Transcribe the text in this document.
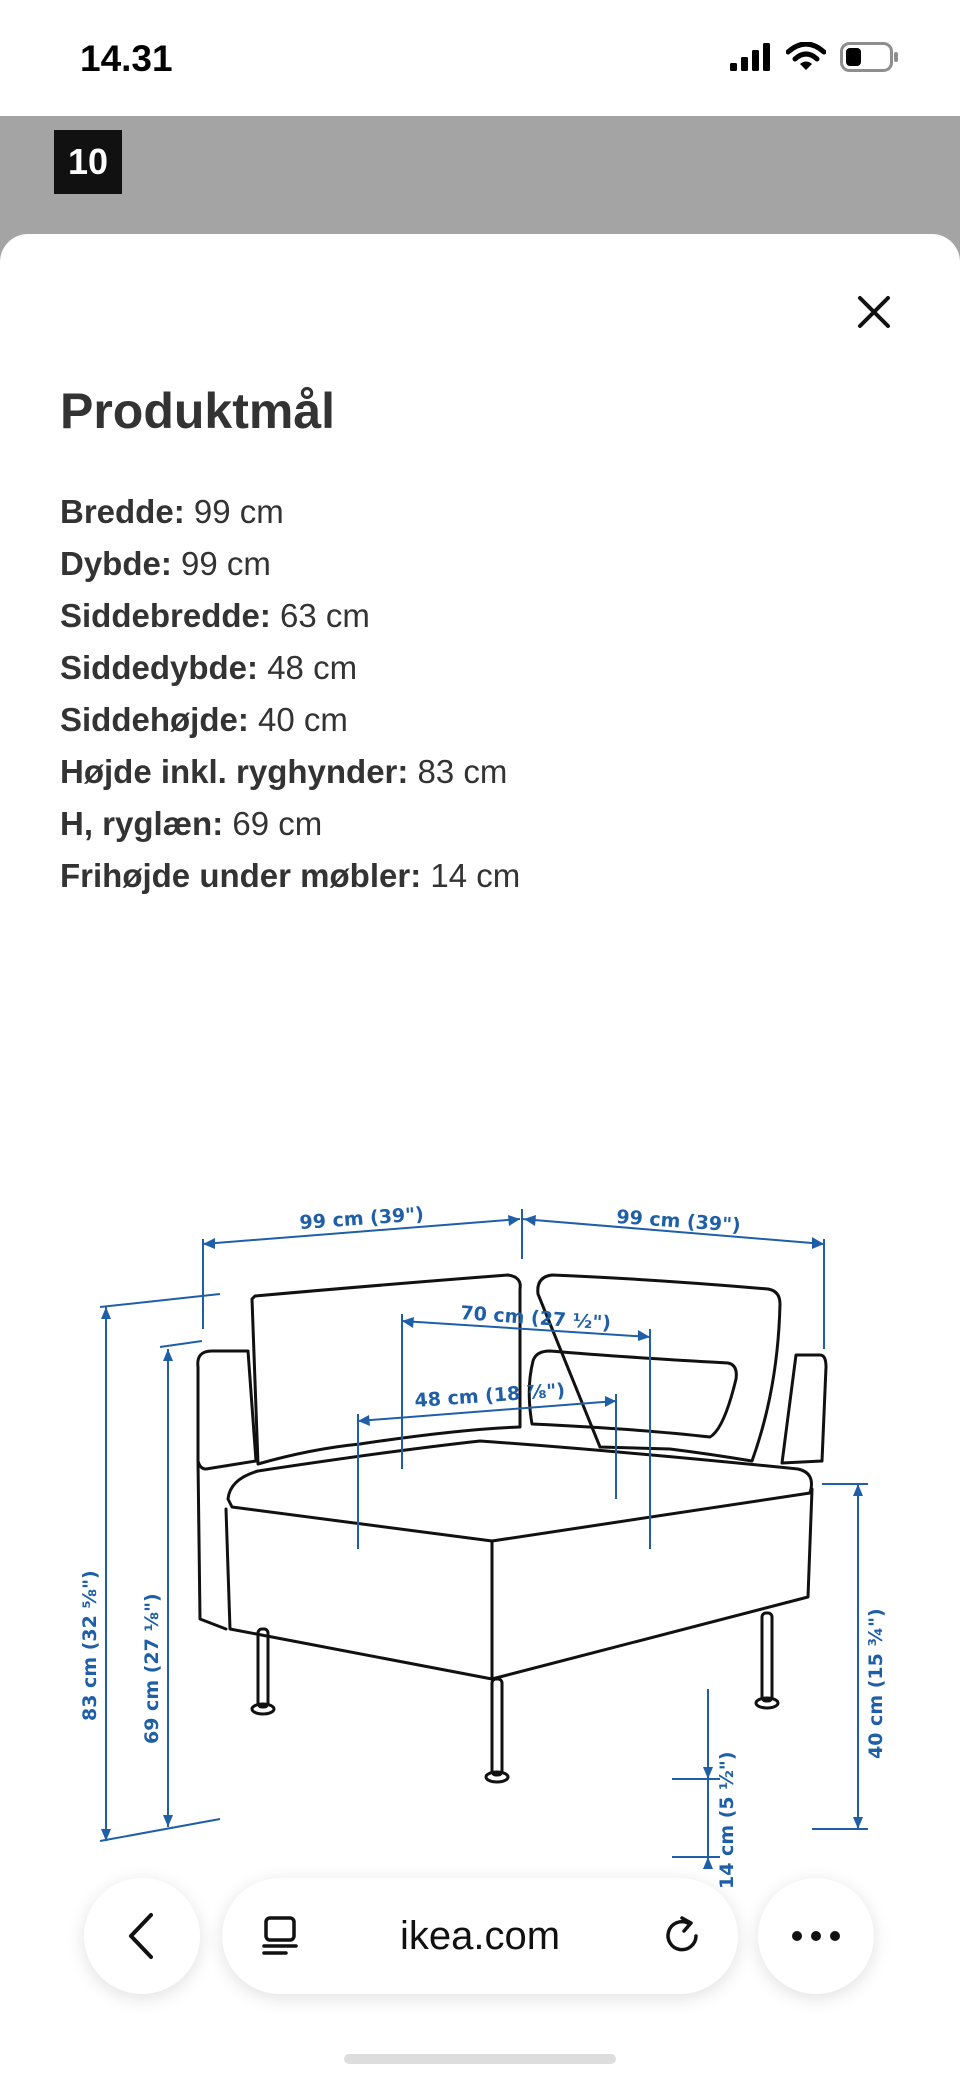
14.31
10
Produktmål
Bredde: 99 cm
Dybde: 99 cm
Siddebredde: 63 cm
Siddedybde: 48 cm
Siddehøjde: 40 cm
Højde inkl. ryghynder: 83 cm
H, ryglæn: 69 cm
Frihøjde under møbler: 14 cm
99 cm (39")	99 cm (39")
70 cm (27 ½")
48 cm (18 ⅞")
83 cm (32 ⅝") 69 cm (27 ⅛")	40 cm (15 ¾")
14 cm (5 ½")
ikea.com
